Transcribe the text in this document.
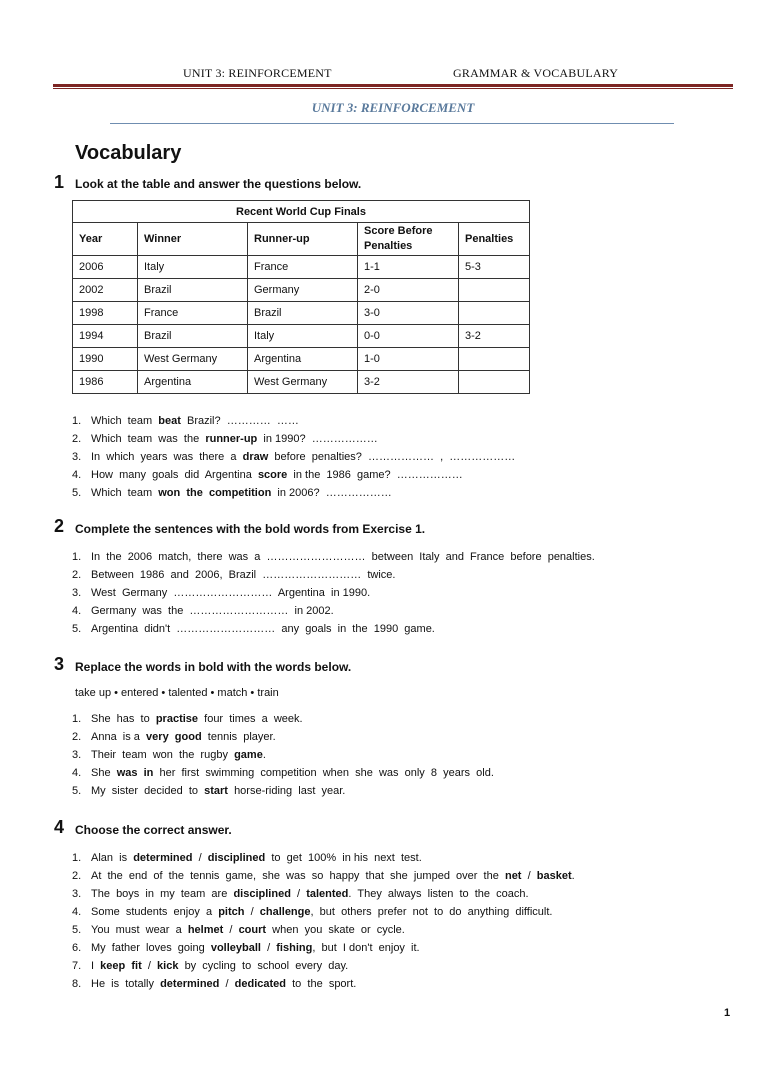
UNIT 3: REINFORCEMENT	GRAMMAR & VOCABULARY
UNIT 3: REINFORCEMENT
Vocabulary
1 Look at the table and answer the questions below.
Recent World Cup Finals				
Year	Winner	Runner-up	Score Before Penalties	Penalties
2006	Italy	France	1-1	5-3
2002	Brazil	Germany	2-0	
1998	France	Brazil	3-0	
1994	Brazil	Italy	0-0	3-2
1990	West Germany	Argentina	1-0	
1986	Argentina	West Germany	3-2	
1. Which  team  beat  Brazil?  …………  ……
2. Which  team  was  the  runner-up  in 1990?  ………………
3. In  which  years  was  there  a  draw  before  penalties?  ………………  ,  ………………
4. How  many  goals  did  Argentina  score  in the  1986  game?  ………………
5. Which  team  won  the  competition  in 2006?  ………………
2 Complete the sentences with the bold words from Exercise 1.
1. In  the  2006  match,  there  was  a  ………………………  between  Italy  and  France  before  penalties.
2. Between  1986  and  2006,  Brazil  ………………………  twice.
3. West  Germany  ………………………  Argentina  in 1990.
4. Germany  was  the  ………………………  in 2002.
5. Argentina  didn't  ………………………  any  goals  in  the  1990  game.
3 Replace the words in bold with the words below.
take up • entered • talented • match • train
1. She  has  to  practise  four  times  a  week.
2. Anna  is a  very  good  tennis  player.
3. Their  team  won  the  rugby  game.
4. She  was  in  her  first  swimming  competition  when  she  was  only  8  years  old.
5. My  sister  decided  to  start  horse-riding  last  year.
4 Choose the correct answer.
1. Alan  is  determined  /  disciplined  to  get  100%  in his  next  test.
2. At  the  end  of  the  tennis  game,  she  was  so  happy  that  she  jumped  over  the  net  /  basket.
3. The  boys  in  my  team  are  disciplined  /  talented.  They  always  listen  to  the  coach.
4. Some  students  enjoy  a  pitch  /  challenge,  but  others  prefer  not  to  do  anything  difficult.
5. You  must  wear  a  helmet  /  court  when  you  skate  or  cycle.
6. My  father  loves  going  volleyball  /  fishing,  but  I don't  enjoy  it.
7. I  keep  fit  /  kick  by  cycling  to  school  every  day.
8. He  is  totally  determined  /  dedicated  to  the  sport.
1
